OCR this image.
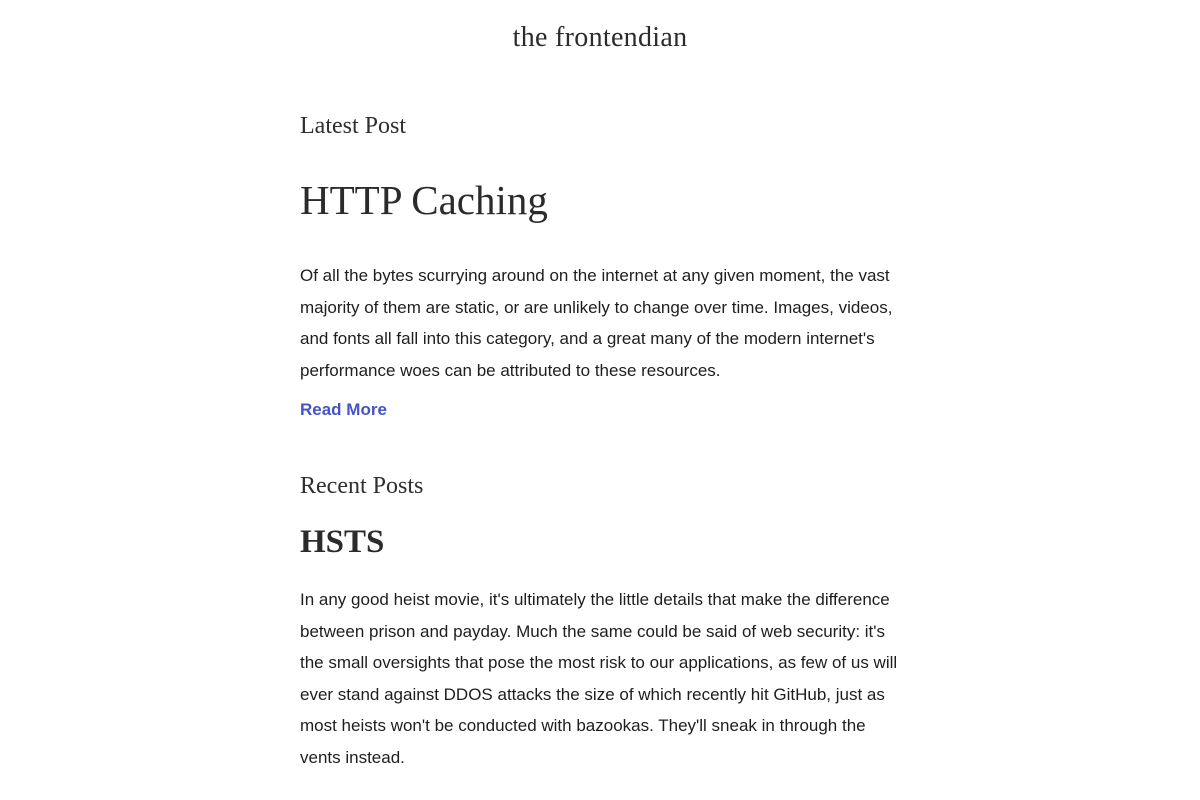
the frontendian
Latest Post
HTTP Caching

Of all the bytes scurrying around on the internet at any given moment, the vast majority of them are static, or are unlikely to change over time. Images, videos, and fonts all fall into this category, and a great many of the modern internet's performance woes can be attributed to these resources.

Read More
Recent Posts
HSTS

In any good heist movie, it's ultimately the little details that make the difference between prison and payday. Much the same could be said of web security: it's the small oversights that pose the most risk to our applications, as few of us will ever stand against DDOS attacks the size of which recently hit GitHub, just as most heists won't be conducted with bazookas. They'll sneak in through the vents instead.
